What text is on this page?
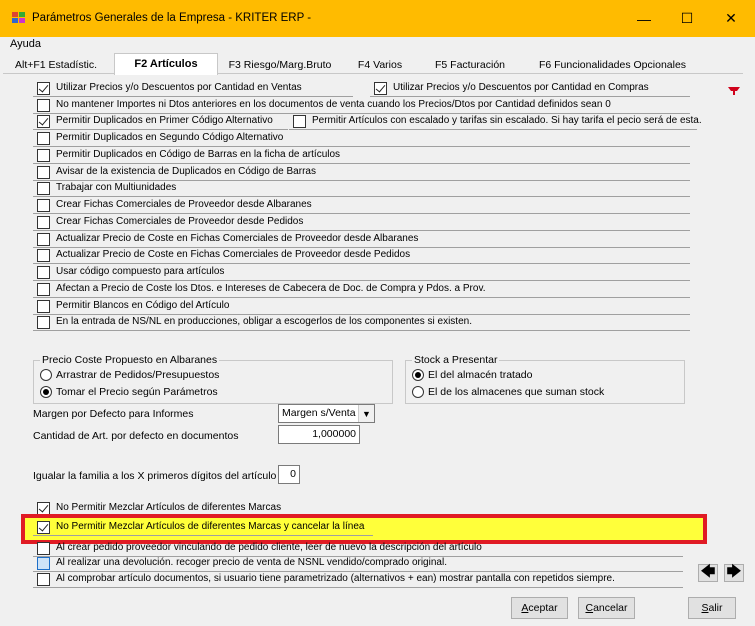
Parámetros Generales de la Empresa - KRITER ERP -	—	☐	✕
Ayuda
Alt+F1 Estadístic.	F2 Artículos	F3 Riesgo/Marg.Bruto	F4 Varios	F5 Facturación	F6 Funcionalidades Opcionales
Utilizar Precios y/o Descuentos por Cantidad en Ventas	Utilizar Precios y/o Descuentos por Cantidad en Compras
No mantener Importes ni Dtos anteriores en los documentos de venta cuando los Precios/Dtos por Cantidad definidos sean 0
Permitir Duplicados en Primer Código Alternativo	Permitir Artículos con escalado y tarifas sin escalado. Si hay tarifa el pecio será de esta.
Permitir Duplicados en Segundo Código Alternativo
Permitir Duplicados en Código de Barras en la ficha de artículos
Avisar de la existencia de Duplicados en Código de Barras
Trabajar con Multiunidades
Crear Fichas Comerciales de Proveedor desde Albaranes
Crear Fichas Comerciales de Proveedor desde Pedidos
Actualizar Precio de Coste en Fichas Comerciales de Proveedor desde Albaranes
Actualizar Precio de Coste en Fichas Comerciales de Proveedor desde Pedidos
Usar código compuesto para artículos
Afectan a Precio de Coste los Dtos. e Intereses de Cabecera de Doc. de Compra y Pdos. a Prov.
Permitir Blancos en Código del Artículo
En la entrada de NS/NL en producciones, obligar a escogerlos de los componentes si existen.
Precio Coste Propuesto en Albaranes
Arrastrar de Pedidos/Presupuestos
Tomar el Precio según Parámetros
Stock a Presentar
El del almacén tratado
El de los almacenes que suman stock
Margen por Defecto para Informes	Margen s/Venta ▼
Cantidad de Art. por defecto en documentos	1,000000
Igualar la familia a los X primeros dígitos del artículo	0
No Permitir Mezclar Artículos de diferentes Marcas
No Permitir Mezclar Artículos de diferentes Marcas y cancelar la línea
Al crear pedido proveedor vinculando de pedido cliente, leer de nuevo la descripción del artículo
Al realizar una devolución. recoger precio de venta de NSNL vendido/comprado original.
Al comprobar artículo documentos, si usuario tiene parametrizado (alternativos + ean) mostrar pantalla con repetidos siempre.	🡄 🡆
Aceptar	Cancelar	Salir
